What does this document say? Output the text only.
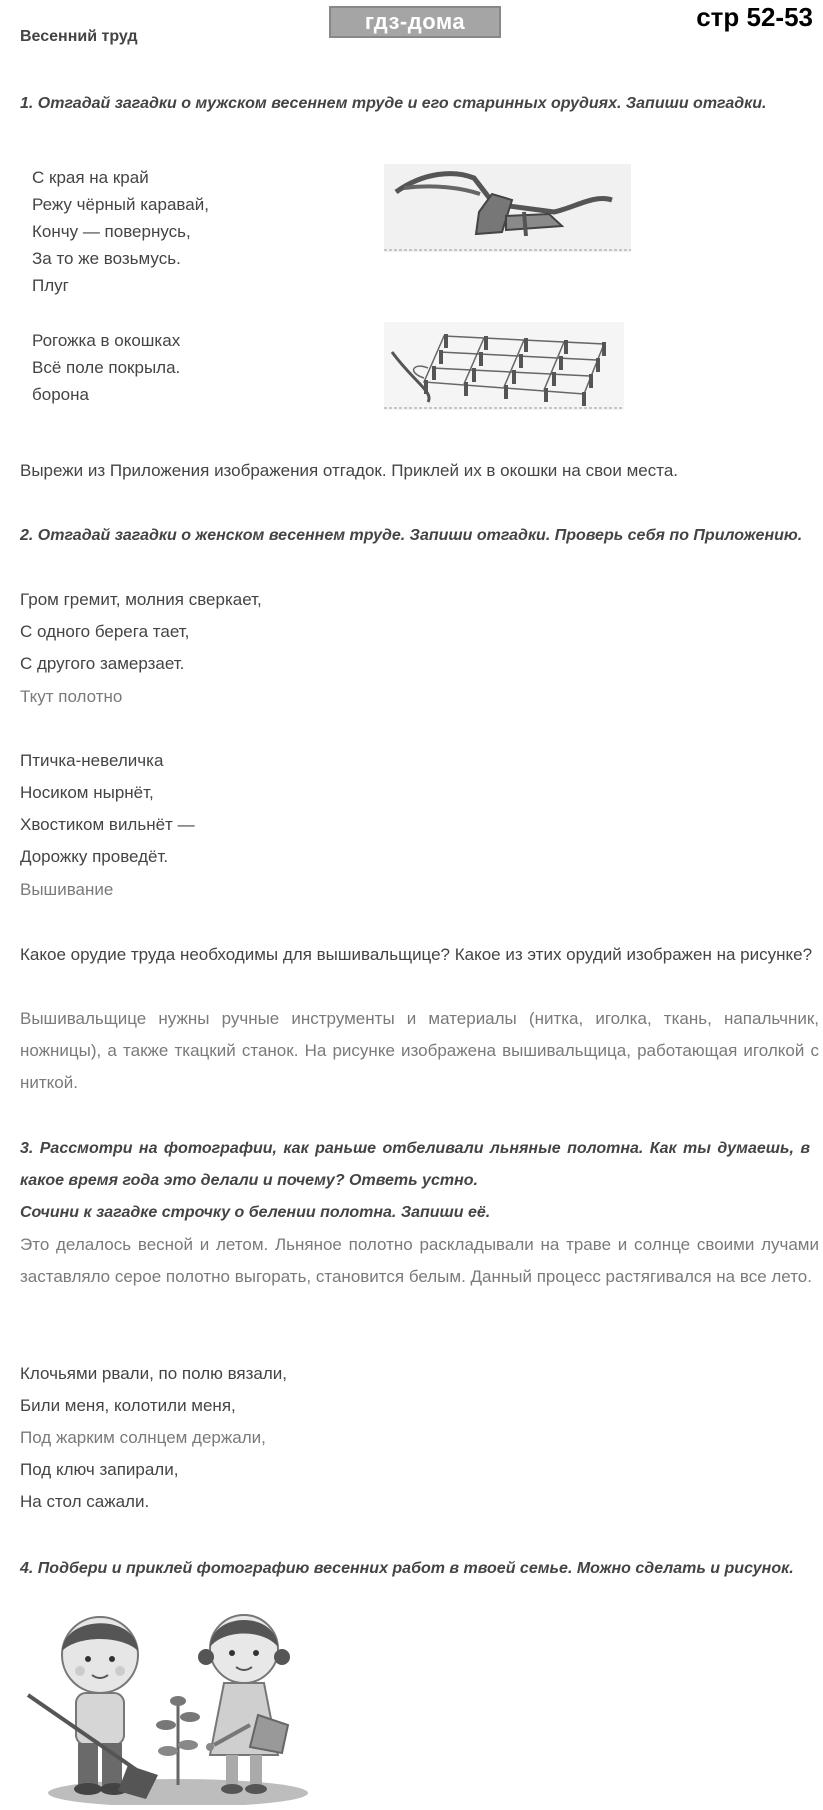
гдз-дома	стр 52-53
Весенний труд
1. Отгадай загадки о мужском весеннем труде и его старинных орудиях. Запиши отгадки.
С края на край
Режу чёрный каравай,
Кончу — повернусь,
За то же возьмусь.
Плуг
Рогожка в окошках
Всё поле покрыла.
борона
Вырежи из Приложения изображения отгадок. Приклей их в окошки на свои места.
2. Отгадай загадки о женском весеннем труде. Запиши отгадки. Проверь себя по Приложению.
Гром гремит, молния сверкает,
С одного берега тает,
С другого замерзает.
Ткут полотно
Птичка-невеличка
Носиком нырнёт,
Хвостиком вильнёт —
Дорожку проведёт.
Вышивание
Какое орудие труда необходимы для вышивальщице? Какое из этих орудий изображен на рисунке?
Вышивальщице нужны ручные инструменты и материалы (нитка, иголка, ткань, напальчник, ножницы), а также ткацкий станок. На рисунке изображена вышивальщица, работающая иголкой с ниткой.
3. Рассмотри на фотографии, как раньше отбеливали льняные полотна. Как ты думаешь, в какое время года это делали и почему? Ответь устно.
Сочини к загадке строчку о белении полотна. Запиши её.
Это делалось весной и летом. Льняное полотно раскладывали на траве и солнце своими лучами заставляло серое полотно выгорать, становится белым. Данный процесс растягивался на все лето.
Клочьями рвали, по полю вязали,
Били меня, колотили меня,
Под жарким солнцем держали,
Под ключ запирали,
На стол сажали.
4. Подбери и приклей фотографию весенних работ в твоей семье. Можно сделать и рисунок.
